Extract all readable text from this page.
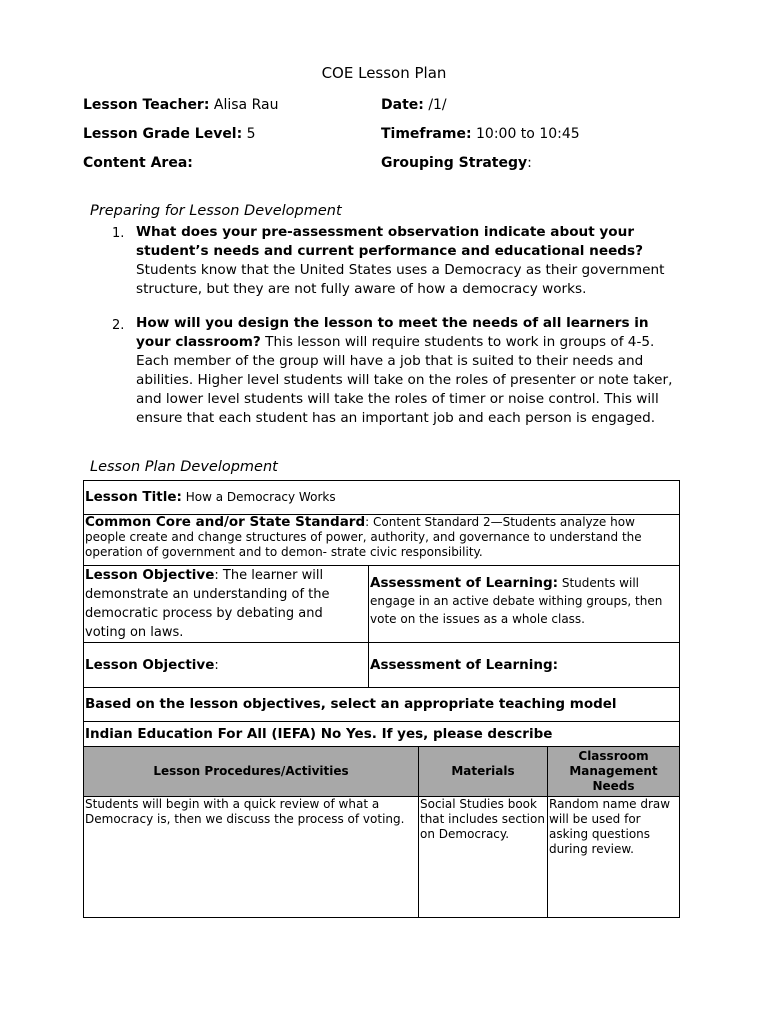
COE Lesson Plan
Lesson Teacher: Alisa Rau	Date: /1/
Lesson Grade Level: 5	Timeframe: 10:00 to 10:45
Content Area:	Grouping Strategy:
Preparing for Lesson Development
1. What does your pre-assessment observation indicate about your student’s needs and current performance and educational needs? Students know that the United States uses a Democracy as their government structure, but they are not fully aware of how a democracy works.
2. How will you design the lesson to meet the needs of all learners in your classroom? This lesson will require students to work in groups of 4-5. Each member of the group will have a job that is suited to their needs and abilities. Higher level students will take on the roles of presenter or note taker, and lower level students will take the roles of timer or noise control. This will ensure that each student has an important job and each person is engaged.
Lesson Plan Development
Lesson Title: How a Democracy Works			
Common Core and/or State Standard: Content Standard 2—Students analyze how people create and change structures of power, authority, and governance to understand the operation of government and to demon- strate civic responsibility.			
Lesson Objective: The learner will demonstrate an understanding of the democratic process by debating and voting on laws.	Assessment of Learning: Students will engage in an active debate withing groups, then vote on the issues as a whole class.		
Lesson Objective:	Assessment of Learning:		
Based on the lesson objectives, select an appropriate teaching model			
Indian Education For All (IEFA) No Yes. If yes, please describe			
Lesson Procedures/Activities		Materials	Classroom Management Needs
Students will begin with a quick review of what a Democracy is, then we discuss the process of voting.		Social Studies book that includes section on Democracy.	Random name draw will be used for asking questions during review.
